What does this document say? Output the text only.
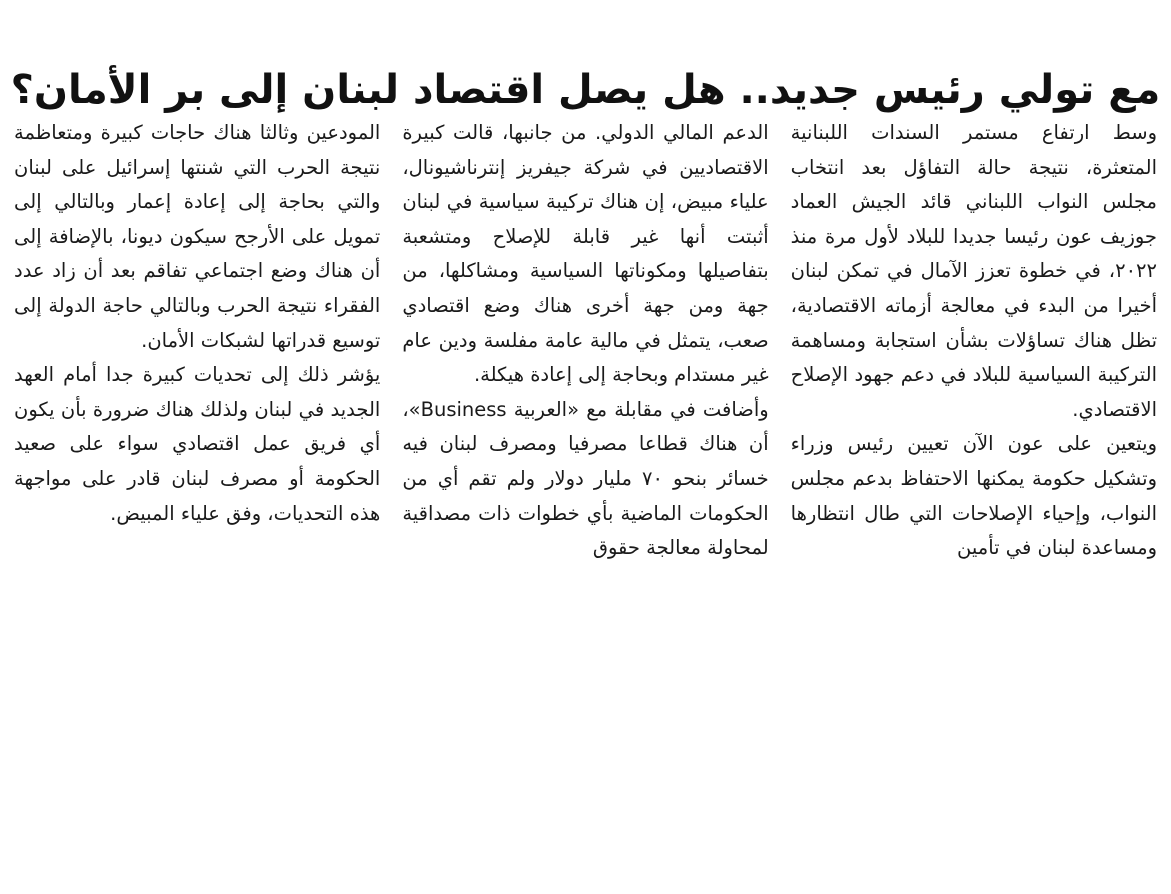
مع تولي رئيس جديد.. هل يصل اقتصاد لبنان إلى بر الأمان؟

وسط ارتفاع مستمر السندات اللبنانية المتعثرة، نتيجة حالة التفاؤل بعد انتخاب مجلس النواب اللبناني قائد الجيش العماد جوزيف عون رئيسا جديدا للبلاد لأول مرة منذ ٢٠٢٢، في خطوة تعزز الآمال في تمكن لبنان أخيرا من البدء في معالجة أزماته الاقتصادية، تظل هناك تساؤلات بشأن استجابة ومساهمة التركيبة السياسية للبلاد في دعم جهود الإصلاح الاقتصادي.

ويتعين على عون الآن تعيين رئيس وزراء وتشكيل حكومة يمكنها الاحتفاظ بدعم مجلس النواب، وإحياء الإصلاحات التي طال انتظارها ومساعدة لبنان في تأمين

الدعم المالي الدولي. من جانبها، قالت كبيرة الاقتصاديين في شركة جيفريز إنترناشيونال، علياء مبيض، إن هناك تركيبة سياسية في لبنان أثبتت أنها غير قابلة للإصلاح ومتشعبة بتفاصيلها ومكوناتها السياسية ومشاكلها، من جهة ومن جهة أخرى هناك وضع اقتصادي صعب، يتمثل في مالية عامة مفلسة ودين عام غير مستدام وبحاجة إلى إعادة هيكلة.

وأضافت في مقابلة مع «العربية Business»، أن هناك قطاعا مصرفيا ومصرف لبنان فيه خسائر بنحو ٧٠ مليار دولار ولم تقم أي من الحكومات الماضية بأي خطوات ذات مصداقية لمحاولة معالجة حقوق

المودعين وثالثا هناك حاجات كبيرة ومتعاظمة نتيجة الحرب التي شنتها إسرائيل على لبنان والتي بحاجة إلى إعادة إعمار وبالتالي إلى تمويل على الأرجح سيكون ديونا، بالإضافة إلى أن هناك وضع اجتماعي تفاقم بعد أن زاد عدد الفقراء نتيجة الحرب وبالتالي حاجة الدولة إلى توسيع قدراتها لشبكات الأمان.

يؤشر ذلك إلى تحديات كبيرة جدا أمام العهد الجديد في لبنان ولذلك هناك ضرورة بأن يكون أي فريق عمل اقتصادي سواء على صعيد الحكومة أو مصرف لبنان قادر على مواجهة هذه التحديات، وفق علياء المبيض.
